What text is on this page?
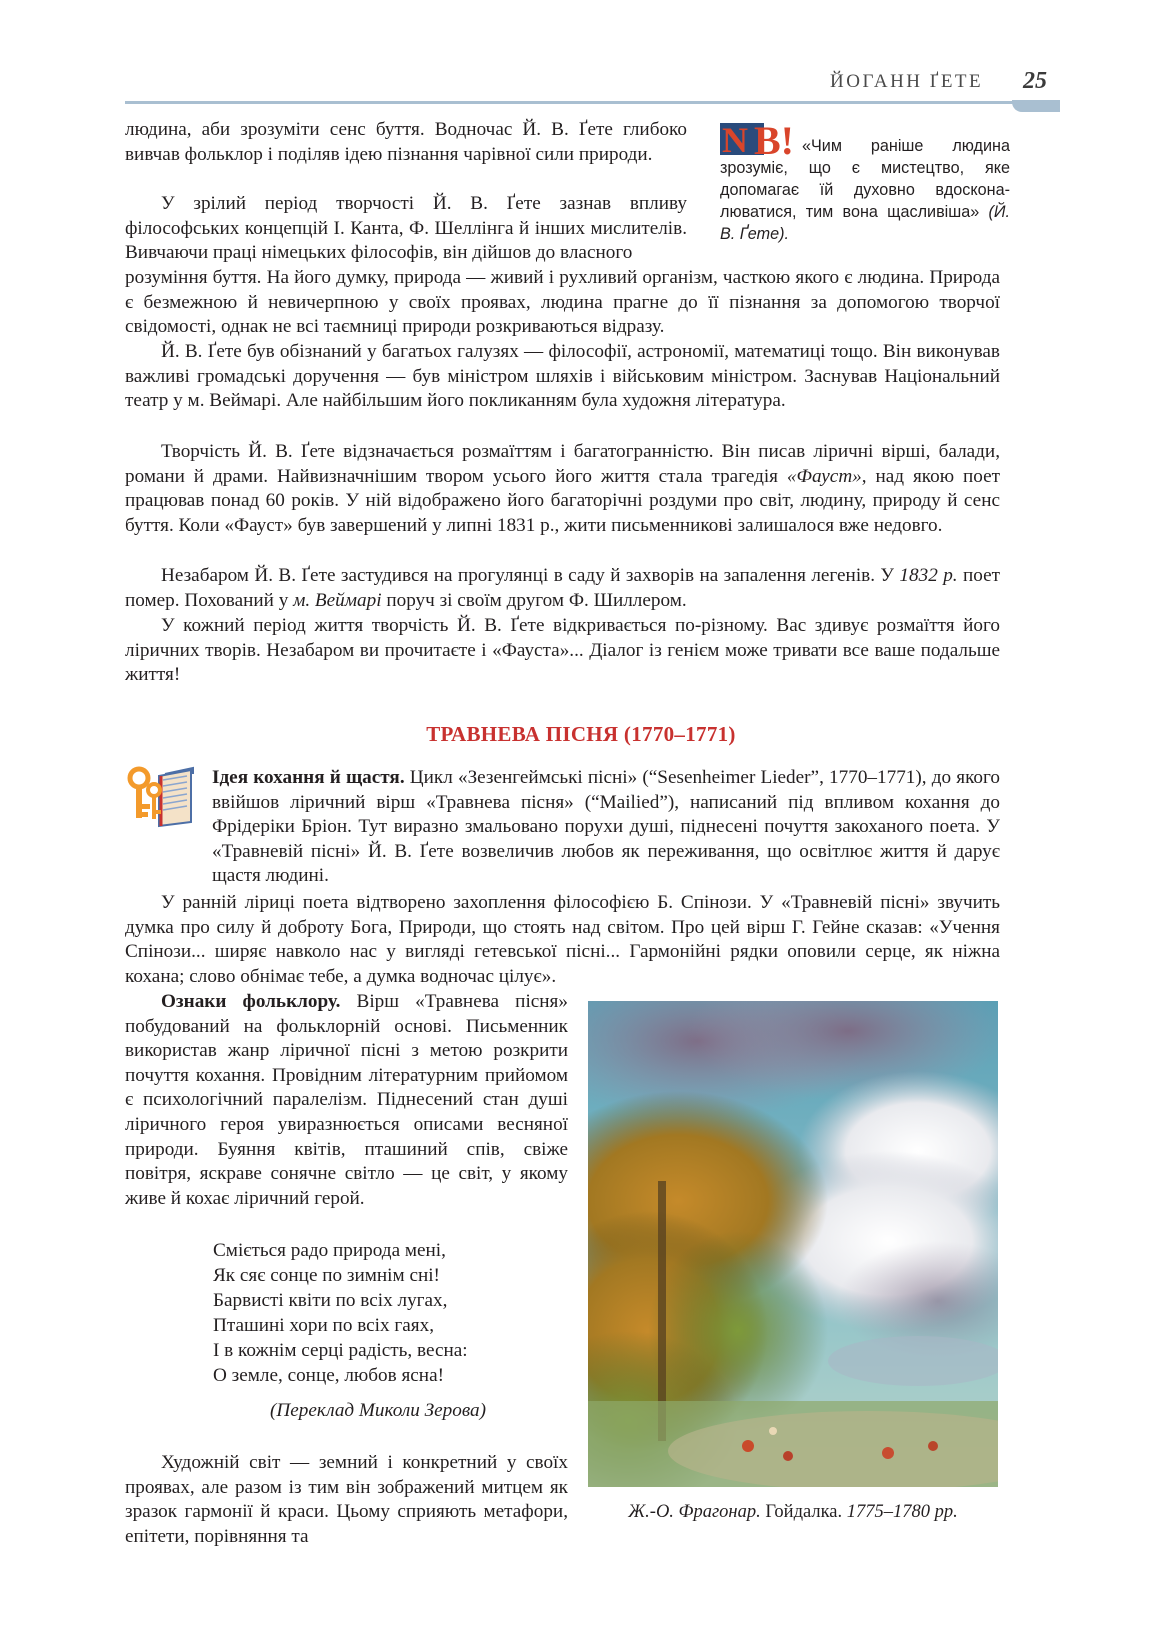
ЙОГАНН ҐЕТЕ 25

людина, аби зрозуміти сенс буття. Водночас Й. В. Ґете глибоко вивчав фольклор і поділяв ідею пізнання чарівної сили природи.

У зрілий період творчості Й. В. Ґете зазнав впливу філософських концепцій І. Канта, Ф. Шеллінга й інших мислителів. Вивчаючи праці німецьких філософів, він дійшов до власного

N B! «Чим раніше людина зрозуміє, що є мистецтво, яке допомагає їй духовно вдосконалюватися, тим вона щасливіша» (Й. В. Ґете).

розуміння буття. На його думку, природа — живий і рухливий організм, часткою якого є людина. Природа є безмежною й невичерпною у своїх проявах, людина прагне до її пізнання за допомогою творчої свідомості, однак не всі таємниці природи розкриваються відразу.

Й. В. Ґете був обізнаний у багатьох галузях — філософії, астрономії, математиці тощо. Він виконував важливі громадські доручення — був міністром шляхів і військовим міністром. Заснував Національний театр у м. Веймарі. Але найбільшим його покликанням була художня література.

Творчість Й. В. Ґете відзначається розмаїттям і багатогранністю. Він писав ліричні вірші, балади, романи й драми. Найвизначнішим твором усього його життя стала трагедія «Фауст», над якою поет працював понад 60 років. У ній відображено його багаторічні роздуми про світ, людину, природу й сенс буття. Коли «Фауст» був завершений у липні 1831 р., жити письменникові залишалося вже недовго.

Незабаром Й. В. Ґете застудився на прогулянці в саду й захворів на запалення легенів. У 1832 р. поет помер. Похований у м. Веймарі поруч зі своїм другом Ф. Шиллером.

У кожний період життя творчість Й. В. Ґете відкривається по-різному. Вас здивує розмаїття його ліричних творів. Незабаром ви прочитаєте і «Фауста»... Діалог із генієм може тривати все ваше подальше життя!

ТРАВНЕВА ПІСНЯ (1770–1771)

Ідея кохання й щастя. Цикл «Зезенгеймські пісні» (“Sesenheimer Lieder”, 1770–1771), до якого ввійшов ліричний вірш «Травнева пісня» (“Mailied”), написаний під впливом кохання до Фрідеріки Бріон. Тут виразно змальовано порухи душі, піднесені почуття закоханого поета. У «Травневій пісні» Й. В. Ґете возвеличив любов як переживання, що освітлює життя й дарує щастя людині.

У ранній ліриці поета відтворено захоплення філософією Б. Спінози. У «Травневій пісні» звучить думка про силу й доброту Бога, Природи, що стоять над світом. Про цей вірш Г. Гейне сказав: «Учення Спінози... ширяє навколо нас у вигляді гетевської пісні... Гармонійні рядки оповили серце, як ніжна кохана; слово обнімає тебе, а думка водночас цілує».

Ознаки фольклору. Вірш «Травнева пісня» побудований на фольклорній основі. Письменник використав жанр ліричної пісні з метою розкрити почуття кохання. Провідним літературним прийомом є психологічний паралелізм. Піднесений стан душі ліричного героя увиразнюється описами весняної природи. Буяння квітів, пташиний спів, свіже повітря, яскраве сонячне світло — це світ, у якому живе й кохає ліричний герой.

Сміється радо природа мені,
Як сяє сонце по зимнім сні!
Барвисті квіти по всіх лугах,
Пташині хори по всіх гаях,
І в кожнім серці радість, весна:
О земле, сонце, любов ясна!
(Переклад Миколи Зерова)

Художній світ — земний і конкретний у своїх проявах, але разом із тим він зображений митцем як зразок гармонії й краси. Цьому сприяють метафори, епітети, порівняння та

Ж.-О. Фрагонар. Гойдалка. 1775–1780 рр.
